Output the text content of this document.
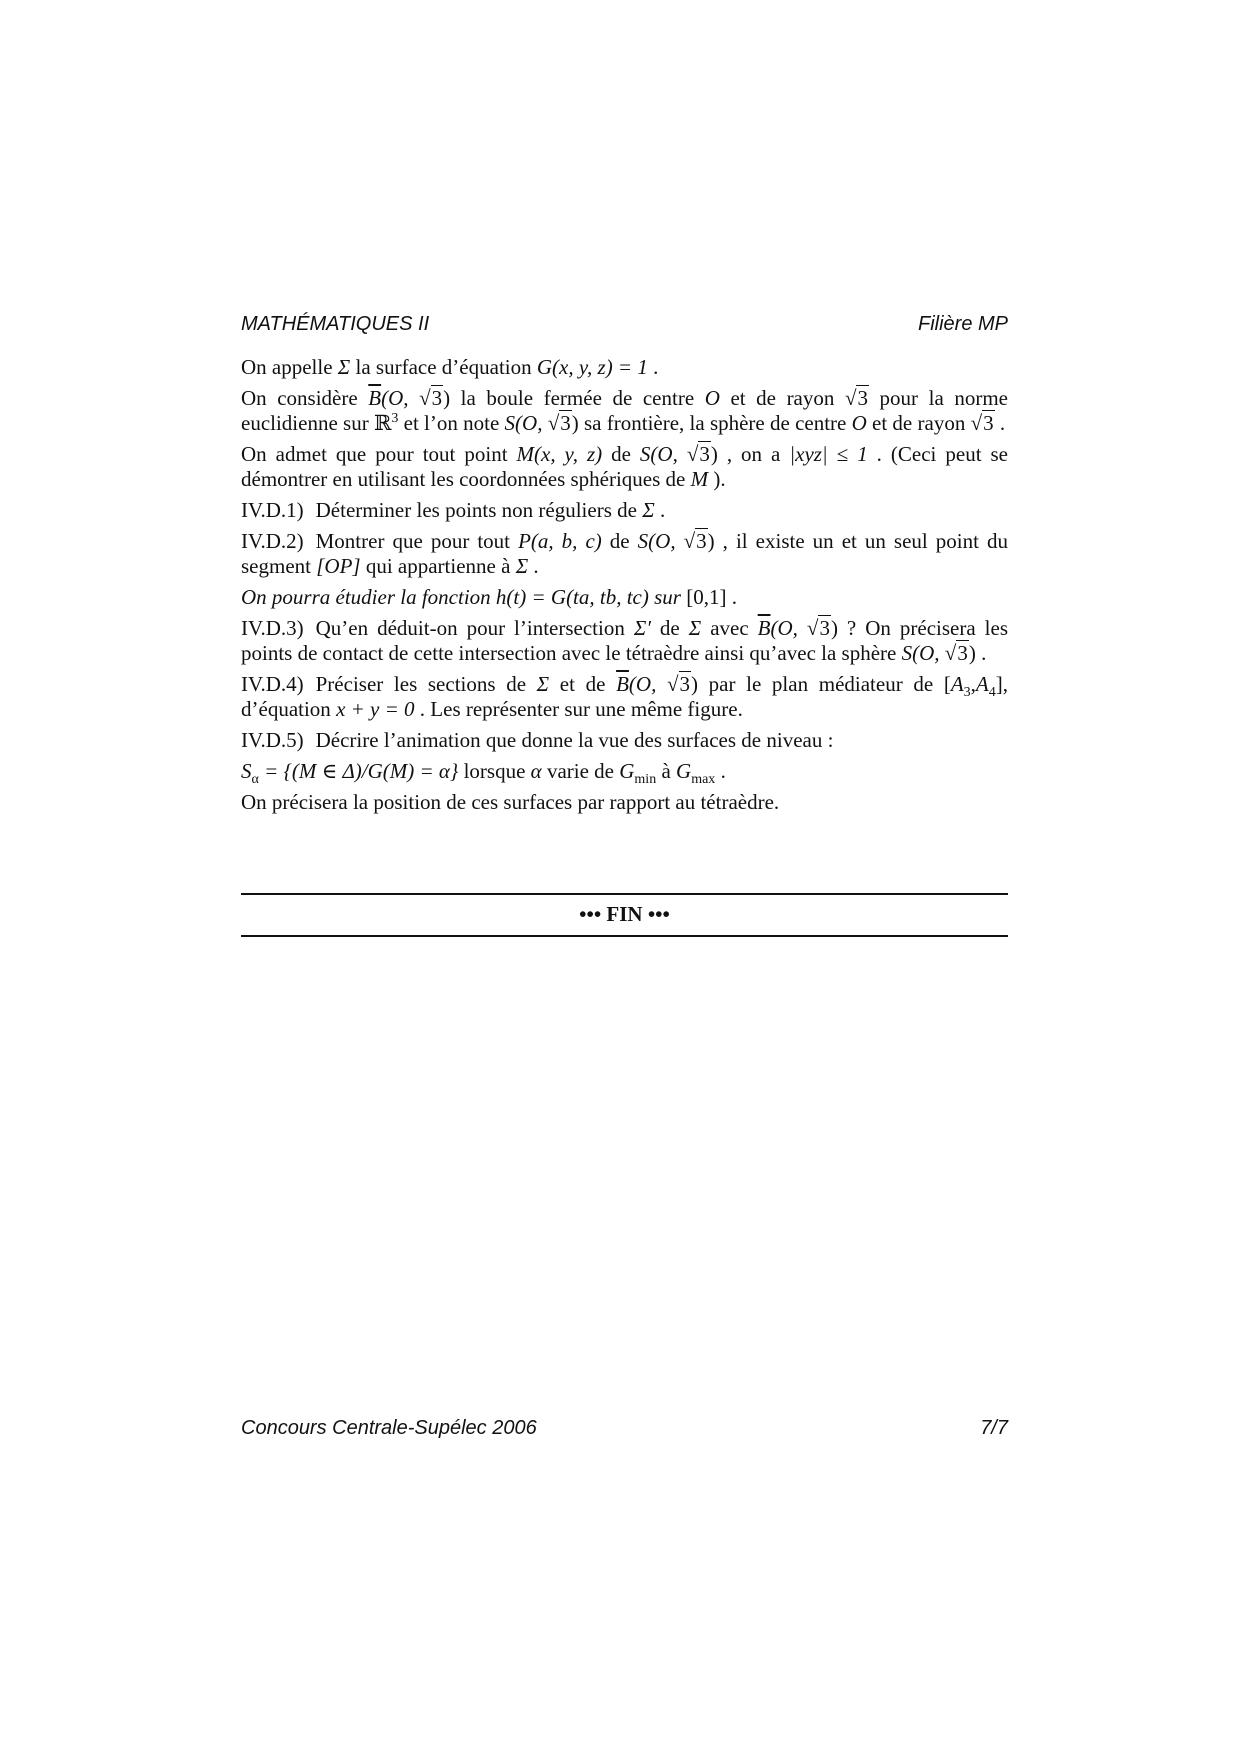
MATHÉMATIQUES II	Filière MP

On appelle Σ la surface d’équation G(x, y, z) = 1 .

On considère $\overline{B}(O$, √3) la boule fermée de centre O et de rayon √3 pour la norme euclidienne sur ℝ$^3$ et l’on note S(O, √3) sa frontière, la sphère de centre O et de rayon √3 .

On admet que pour tout point M(x, y, z) de S(O, √3) , on a |xyz| ≤ 1 . (Ceci peut se démontrer en utilisant les coordonnées sphériques de M ).

IV.D.1) Déterminer les points non réguliers de Σ .

IV.D.2) Montrer que pour tout P(a, b, c) de S(O, √3) , il existe un et un seul point du segment [OP] qui appartienne à Σ .

On pourra étudier la fonction h(t) = G(ta, tb, tc) sur [0,1] .

IV.D.3) Qu’en déduit-on pour l’intersection Σ′ de Σ avec $\overline{B}(O$, √3) ? On précisera les points de contact de cette intersection avec le tétraèdre ainsi qu’avec la sphère S(O, √3) .

IV.D.4) Préciser les sections de Σ et de $\overline{B}(O$, √3) par le plan médiateur de $[A_3,A_4]$, d’équation x + y = 0 . Les représenter sur une même figure.

IV.D.5) Décrire l’animation que donne la vue des surfaces de niveau :

$S_\alpha = \{(M$ ∈ Δ)/G(M) = α} lorsque α varie de $G_{min}$ à $G_{max}$ .

On précisera la position de ces surfaces par rapport au tétraèdre.

••• FIN •••
Concours Centrale-Supélec 2006	7/7
